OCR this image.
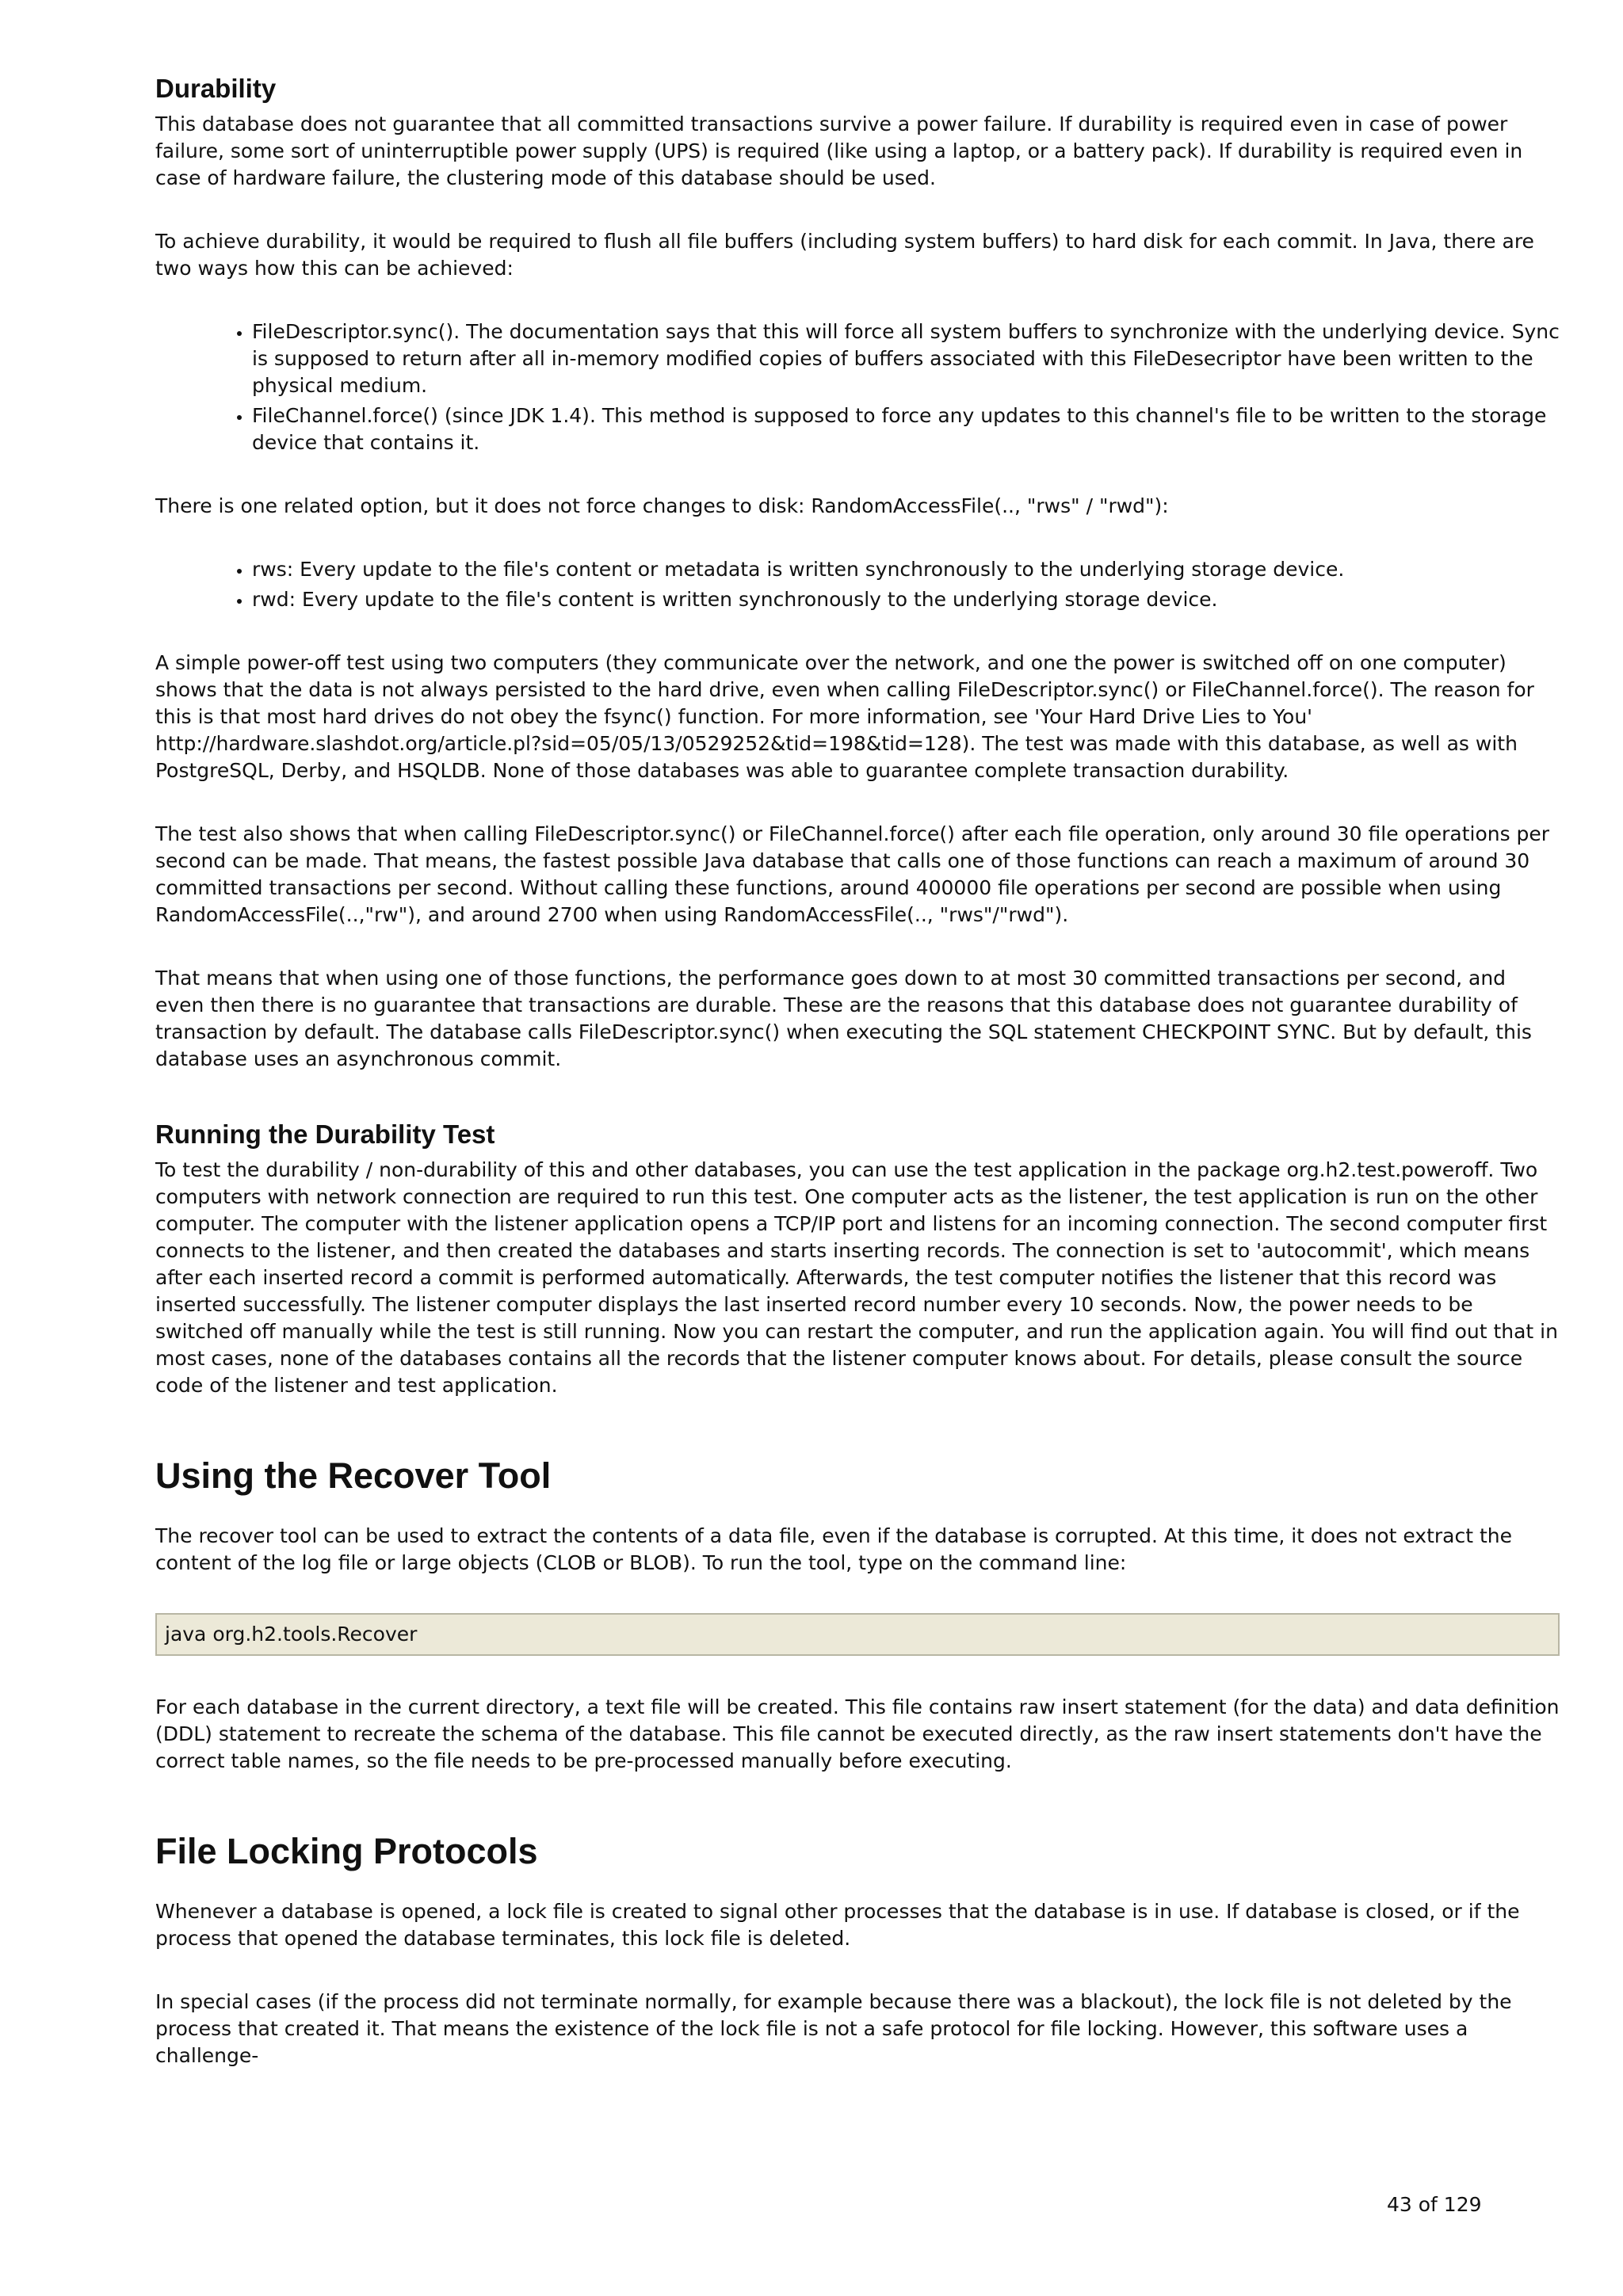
Durability

This database does not guarantee that all committed transactions survive a power failure. If durability is required even in case of power failure, some sort of uninterruptible power supply (UPS) is required (like using a laptop, or a battery pack). If durability is required even in case of hardware failure, the clustering mode of this database should be used.

To achieve durability, it would be required to flush all file buffers (including system buffers) to hard disk for each commit. In Java, there are two ways how this can be achieved:

• FileDescriptor.sync(). The documentation says that this will force all system buffers to synchronize with the underlying device. Sync is supposed to return after all in-memory modified copies of buffers associated with this FileDesecriptor have been written to the physical medium.
• FileChannel.force() (since JDK 1.4). This method is supposed to force any updates to this channel's file to be written to the storage device that contains it.

There is one related option, but it does not force changes to disk: RandomAccessFile(.., "rws" / "rwd"):

• rws: Every update to the file's content or metadata is written synchronously to the underlying storage device.
• rwd: Every update to the file's content is written synchronously to the underlying storage device.

A simple power-off test using two computers (they communicate over the network, and one the power is switched off on one computer) shows that the data is not always persisted to the hard drive, even when calling FileDescriptor.sync() or FileChannel.force(). The reason for this is that most hard drives do not obey the fsync() function. For more information, see 'Your Hard Drive Lies to You' http://hardware.slashdot.org/article.pl?sid=05/05/13/0529252&tid=198&tid=128). The test was made with this database, as well as with PostgreSQL, Derby, and HSQLDB. None of those databases was able to guarantee complete transaction durability.

The test also shows that when calling FileDescriptor.sync() or FileChannel.force() after each file operation, only around 30 file operations per second can be made. That means, the fastest possible Java database that calls one of those functions can reach a maximum of around 30 committed transactions per second. Without calling these functions, around 400000 file operations per second are possible when using RandomAccessFile(..,"rw"), and around 2700 when using RandomAccessFile(.., "rws"/"rwd").

That means that when using one of those functions, the performance goes down to at most 30 committed transactions per second, and even then there is no guarantee that transactions are durable. These are the reasons that this database does not guarantee durability of transaction by default. The database calls FileDescriptor.sync() when executing the SQL statement CHECKPOINT SYNC. But by default, this database uses an asynchronous commit.

Running the Durability Test

To test the durability / non-durability of this and other databases, you can use the test application in the package org.h2.test.poweroff. Two computers with network connection are required to run this test. One computer acts as the listener, the test application is run on the other computer. The computer with the listener application opens a TCP/IP port and listens for an incoming connection. The second computer first connects to the listener, and then created the databases and starts inserting records. The connection is set to 'autocommit', which means after each inserted record a commit is performed automatically. Afterwards, the test computer notifies the listener that this record was inserted successfully. The listener computer displays the last inserted record number every 10 seconds. Now, the power needs to be switched off manually while the test is still running. Now you can restart the computer, and run the application again. You will find out that in most cases, none of the databases contains all the records that the listener computer knows about. For details, please consult the source code of the listener and test application.

Using the Recover Tool

The recover tool can be used to extract the contents of a data file, even if the database is corrupted. At this time, it does not extract the content of the log file or large objects (CLOB or BLOB). To run the tool, type on the command line:

java org.h2.tools.Recover

For each database in the current directory, a text file will be created. This file contains raw insert statement (for the data) and data definition (DDL) statement to recreate the schema of the database. This file cannot be executed directly, as the raw insert statements don't have the correct table names, so the file needs to be pre-processed manually before executing.

File Locking Protocols

Whenever a database is opened, a lock file is created to signal other processes that the database is in use. If database is closed, or if the process that opened the database terminates, this lock file is deleted.

In special cases (if the process did not terminate normally, for example because there was a blackout), the lock file is not deleted by the process that created it. That means the existence of the lock file is not a safe protocol for file locking. However, this software uses a challenge-

43 of 129
